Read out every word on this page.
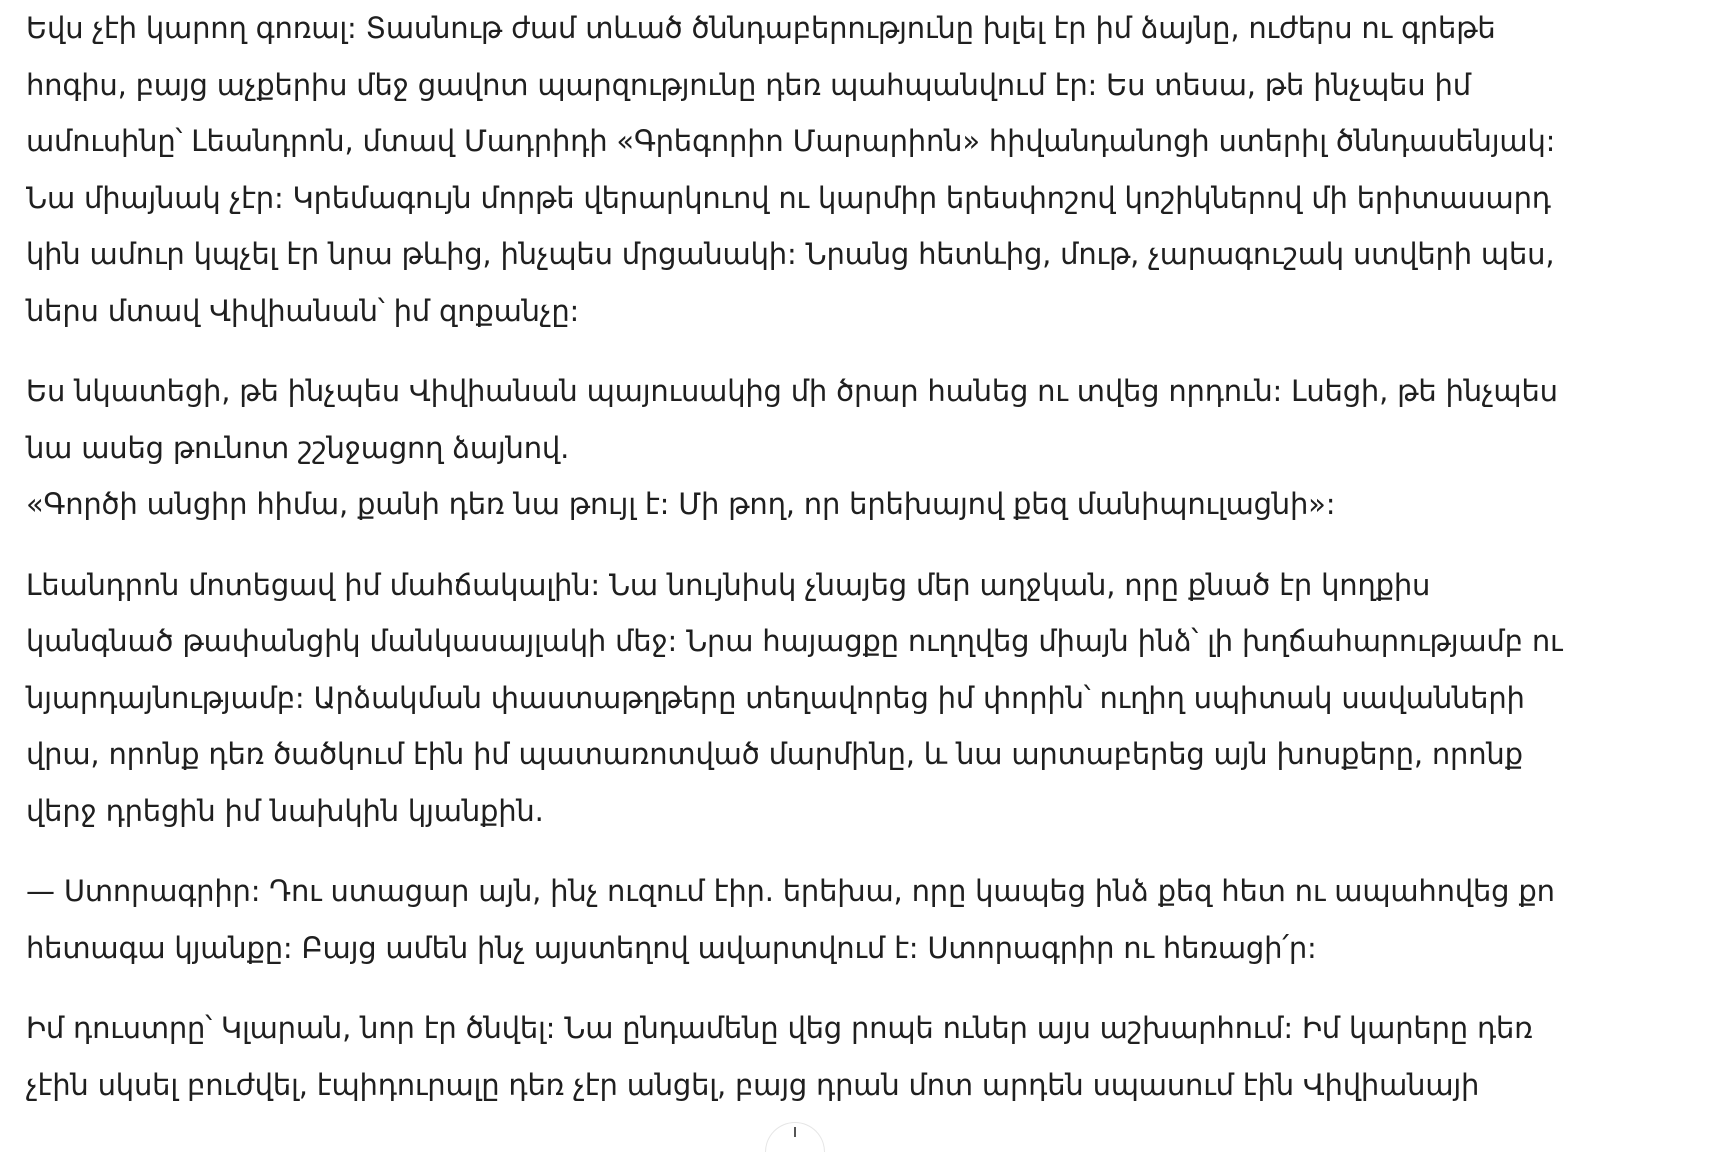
Եվս չէի կարող գոռալ: Տասնութ ժամ տևած ծննդաբերությունը խլել էր իմ ձայնը, ուժերս ու գրեթե
հոգիս, բայց աչքերիս մեջ ցավոտ պարզությունը դեռ պահպանվում էր: Ես տեսա, թե ինչպես իմ
ամուսինը՝ Լեանդրոն, մտավ Մադրիդի «Գրեգորիո Մարարիոն» հիվանդանոցի ստերիլ ծննդասենյակ:
Նա միայնակ չէր: Կրեմագույն մորթե վերարկուով ու կարմիր երեսփոշով կոշիկներով մի երիտասարդ
կին ամուր կպչել էր նրա թևից, ինչպես մրցանակի: Նրանց հետևից, մութ, չարագուշակ ստվերի պես,
ներս մտավ Վիվիանան՝ իմ զոքանչը:

Ես նկատեցի, թե ինչպես Վիվիանան պայուսակից մի ծրար հանեց ու տվեց որդուն: Լսեցի, թե ինչպես
նա ասեց թունոտ շշնջացող ձայնով.
«Գործի անցիր հիմա, քանի դեռ նա թույլ է: Մի թող, որ երեխայով քեզ մանիպուլացնի»:

Լեանդրոն մոտեցավ իմ մահճակալին: Նա նույնիսկ չնայեց մեր աղջկան, որը քնած էր կողքիս
կանգնած թափանցիկ մանկասայլակի մեջ: Նրա հայացքը ուղղվեց միայն ինձ՝ լի խղճահարությամբ ու
նյարդայնությամբ: Արձակման փաստաթղթերը տեղավորեց իմ փորին՝ ուղիղ սպիտակ սավանների
վրա, որոնք դեռ ծածկում էին իմ պատառոտված մարմինը, և նա արտաբերեց այն խոսքերը, որոնք
վերջ դրեցին իմ նախկին կյանքին.

— Ստորագրիր: Դու ստացար այն, ինչ ուզում էիր. երեխա, որը կապեց ինձ քեզ հետ ու ապահովեց քո
հետագա կյանքը: Բայց ամեն ինչ այստեղով ավարտվում է: Ստորագրիր ու հեռացի՛ր:

Իմ դուստրը՝ Կլարան, նոր էր ծնվել: Նա ընդամենը վեց րոպե ուներ այս աշխարհում: Իմ կարերը դեռ
չէին սկսել բուժվել, էպիդուրալը դեռ չէր անցել, բայց դրան մոտ արդեն սպասում էին Վիվիանայի
